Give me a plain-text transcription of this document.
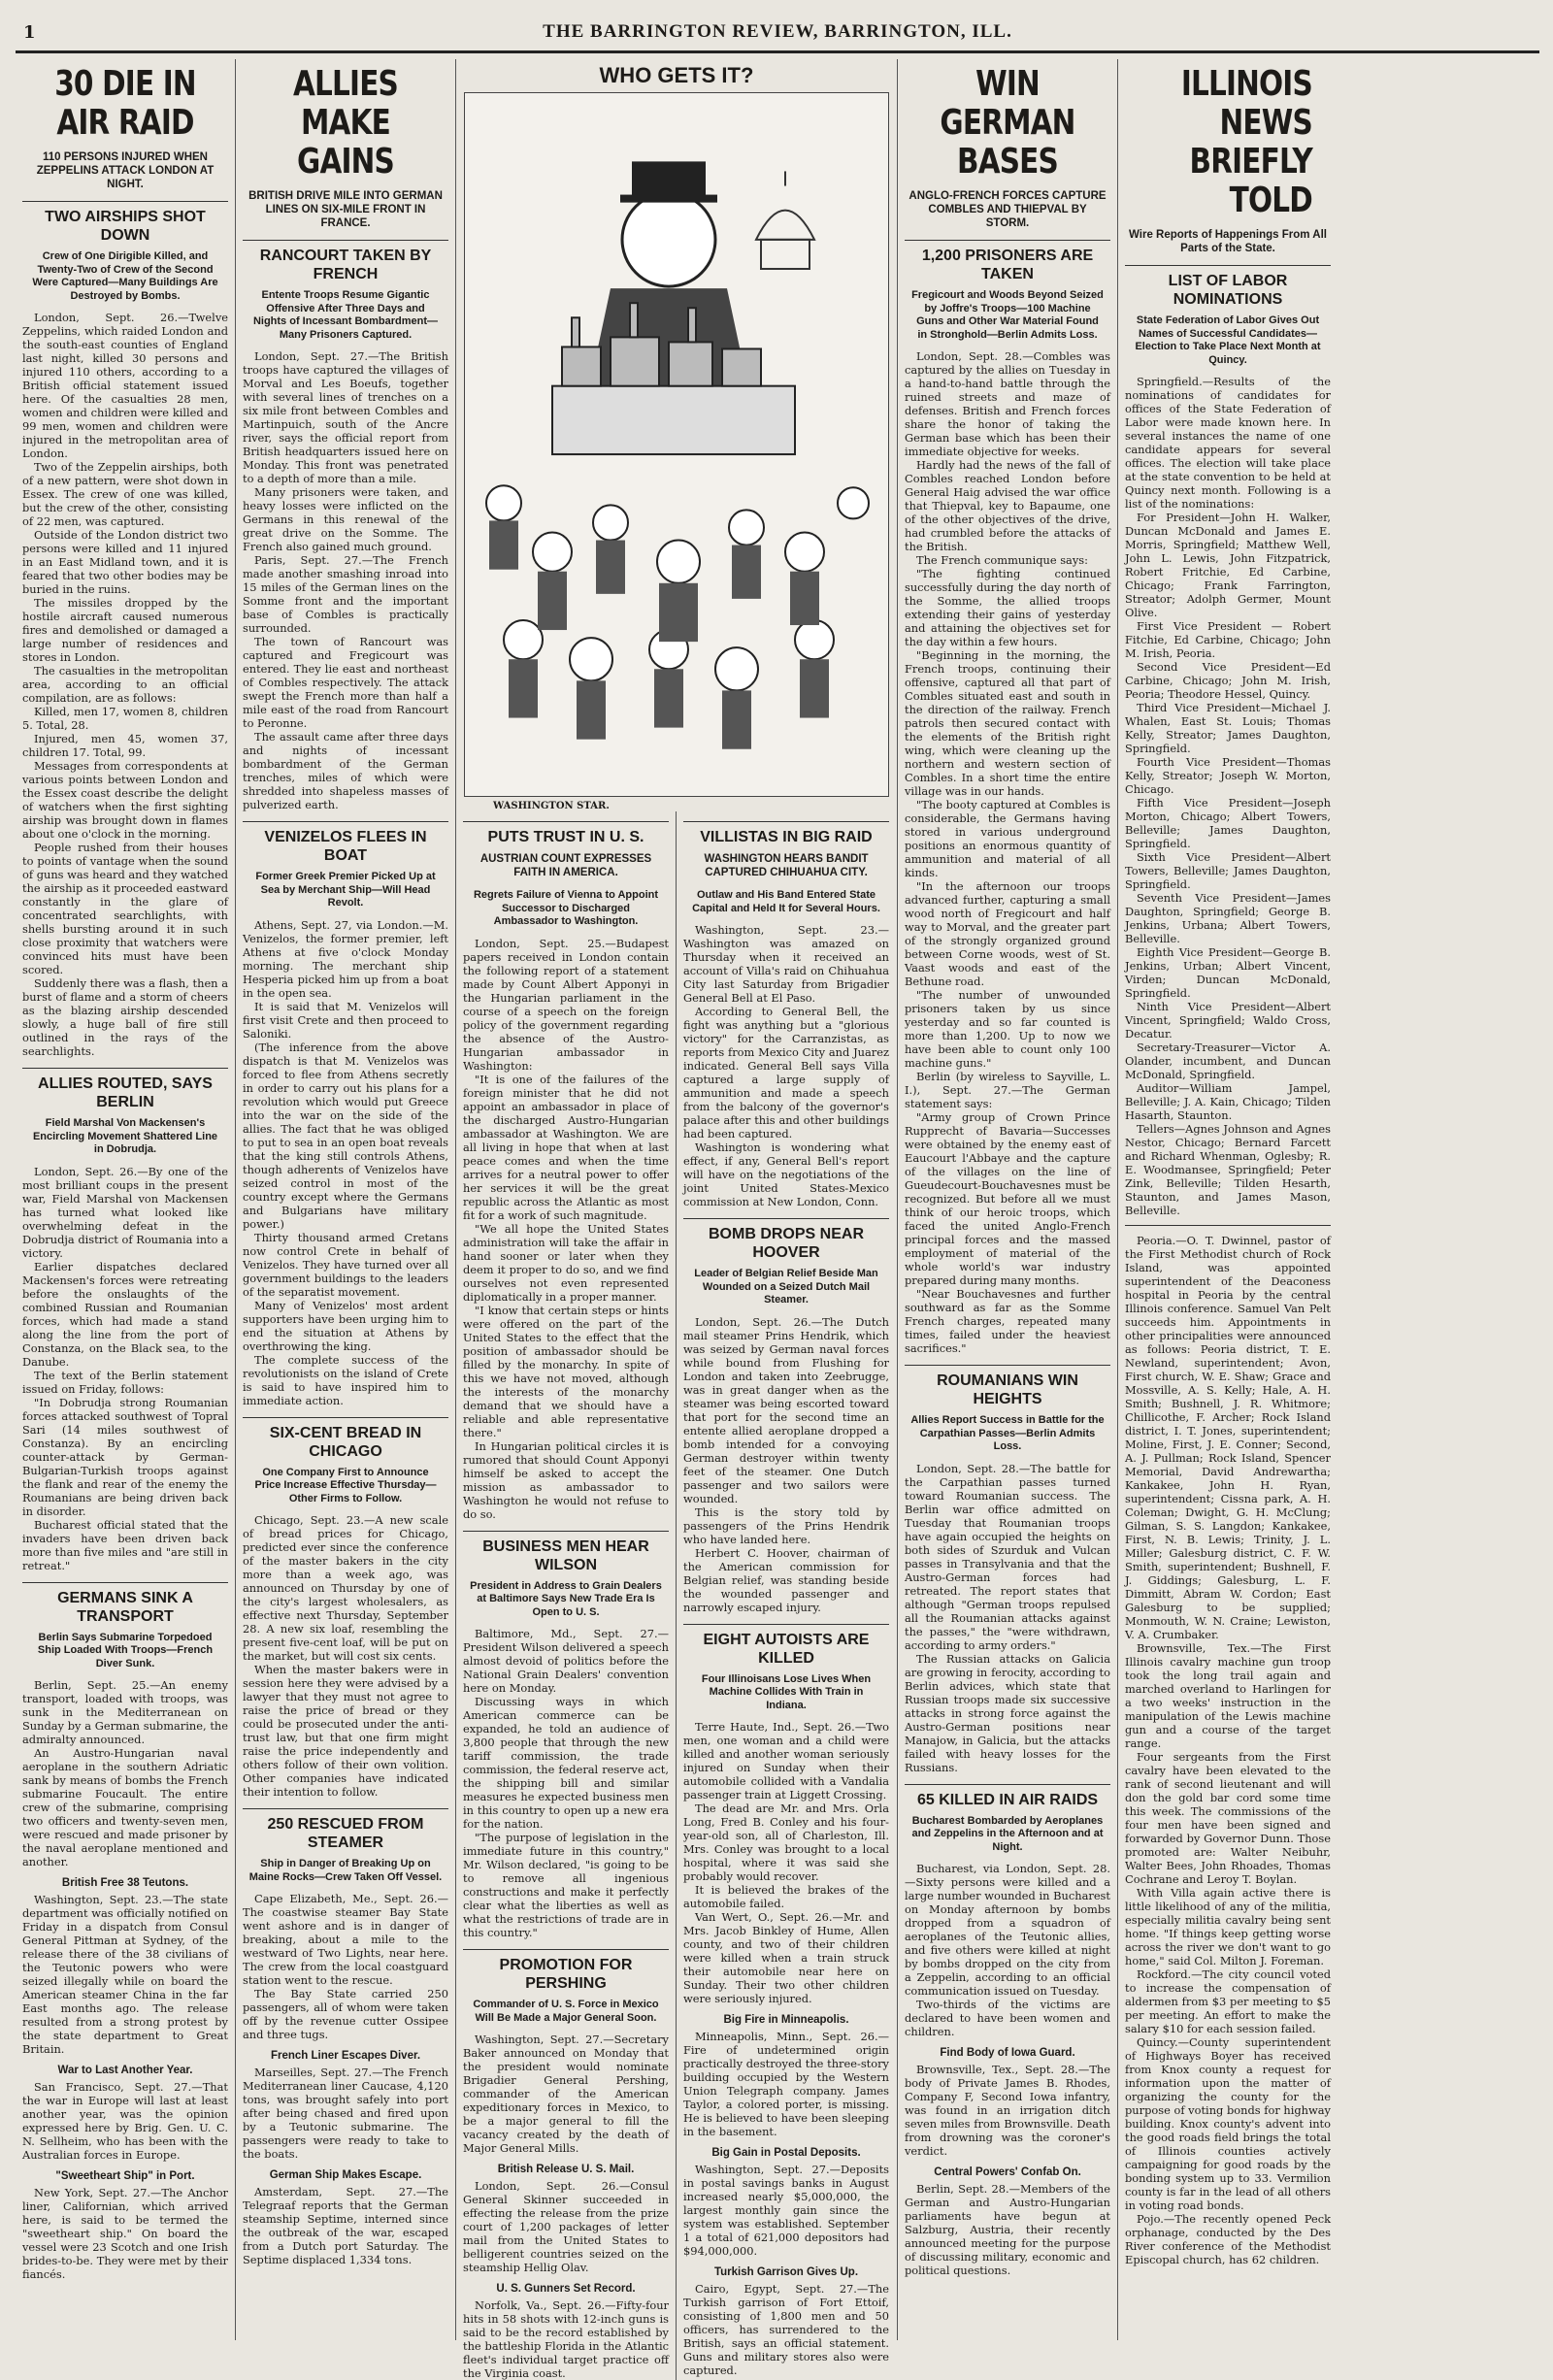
1	THE BARRINGTON REVIEW, BARRINGTON, ILL.
30 DIE IN AIR RAID
110 PERSONS INJURED WHEN ZEPPELINS ATTACK LONDON AT NIGHT.
TWO AIRSHIPS SHOT DOWN
Crew of One Dirigible Killed, and Twenty-Two of Crew of the Second Were Captured—Many Buildings Are Destroyed by Bombs.

London, Sept. 26.—Twelve Zeppelins, which raided London and the south-east counties of England last night, killed 30 persons and injured 110 others, according to a British official statement issued here. Of the casualties 28 men, women and children were killed and 99 men, women and children were injured in the metropolitan area of London.

Two of the Zeppelin airships, both of a new pattern, were shot down in Essex. The crew of one was killed, but the crew of the other, consisting of 22 men, was captured.

Outside of the London district two persons were killed and 11 injured in an East Midland town, and it is feared that two other bodies may be buried in the ruins.

The missiles dropped by the hostile aircraft caused numerous fires and demolished or damaged a large number of residences and stores in London.

The casualties in the metropolitan area, according to an official compilation, are as follows:

Killed, men 17, women 8, children 5. Total, 28.

Injured, men 45, women 37, children 17. Total, 99.

Messages from correspondents at various points between London and the Essex coast describe the delight of watchers when the first sighting airship was brought down in flames about one o'clock in the morning.

People rushed from their houses to points of vantage when the sound of guns was heard and they watched the airship as it proceeded eastward constantly in the glare of concentrated searchlights, with shells bursting around it in such close proximity that watchers were convinced hits must have been scored.

Suddenly there was a flash, then a burst of flame and a storm of cheers as the blazing airship descended slowly, a huge ball of fire still outlined in the rays of the searchlights.

ALLIES ROUTED, SAYS BERLIN
Field Marshal Von Mackensen's Encircling Movement Shattered Line in Dobrudja.

London, Sept. 26.—By one of the most brilliant coups in the present war, Field Marshal von Mackensen has turned what looked like overwhelming defeat in the Dobrudja district of Roumania into a victory.

Earlier dispatches declared Mackensen's forces were retreating before the onslaughts of the combined Russian and Roumanian forces, which had made a stand along the line from the port of Constanza, on the Black sea, to the Danube.

The text of the Berlin statement issued on Friday, follows:

"In Dobrudja strong Roumanian forces attacked southwest of Topral Sari (14 miles southwest of Constanza). By an encircling counter-attack by German-Bulgarian-Turkish troops against the flank and rear of the enemy the Roumanians are being driven back in disorder.

Bucharest official stated that the invaders have been driven back more than five miles and "are still in retreat."

GERMANS SINK A TRANSPORT
Berlin Says Submarine Torpedoed Ship Loaded With Troops—French Diver Sunk.

Berlin, Sept. 25.—An enemy transport, loaded with troops, was sunk in the Mediterranean on Sunday by a German submarine, the admiralty announced.

An Austro-Hungarian naval aeroplane in the southern Adriatic sank by means of bombs the French submarine Foucault. The entire crew of the submarine, comprising two officers and twenty-seven men, were rescued and made prisoner by the naval aeroplane mentioned and another.

British Free 38 Teutons.

Washington, Sept. 23.—The state department was officially notified on Friday in a dispatch from Consul General Pittman at Sydney, of the release there of the 38 civilians of the Teutonic powers who were seized illegally while on board the American steamer China in the far East months ago. The release resulted from a strong protest by the state department to Great Britain.

War to Last Another Year.

San Francisco, Sept. 27.—That the war in Europe will last at least another year, was the opinion expressed here by Brig. Gen. U. C. N. Sellheim, who has been with the Australian forces in Europe.

"Sweetheart Ship" in Port.

New York, Sept. 27.—The Anchor liner, Californian, which arrived here, is said to be termed the "sweetheart ship." On board the vessel were 23 Scotch and one Irish brides-to-be. They were met by their fiancés.

ALLIES MAKE GAINS
BRITISH DRIVE MILE INTO GERMAN LINES ON SIX-MILE FRONT IN FRANCE.
RANCOURT TAKEN BY FRENCH
Entente Troops Resume Gigantic Offensive After Three Days and Nights of Incessant Bombardment—Many Prisoners Captured.

London, Sept. 27.—The British troops have captured the villages of Morval and Les Boeufs, together with several lines of trenches on a six mile front between Combles and Martinpuich, south of the Ancre river, says the official report from British headquarters issued here on Monday. This front was penetrated to a depth of more than a mile.

Many prisoners were taken, and heavy losses were inflicted on the Germans in this renewal of the great drive on the Somme. The French also gained much ground.

Paris, Sept. 27.—The French made another smashing inroad into 15 miles of the German lines on the Somme front and the important base of Combles is practically surrounded.

The town of Rancourt was captured and Fregicourt was entered. They lie east and northeast of Combles respectively. The attack swept the French more than half a mile east of the road from Rancourt to Peronne.

The assault came after three days and nights of incessant bombardment of the German trenches, miles of which were shredded into shapeless masses of pulverized earth.

VENIZELOS FLEES IN BOAT
Former Greek Premier Picked Up at Sea by Merchant Ship—Will Head Revolt.

Athens, Sept. 27, via London.—M. Venizelos, the former premier, left Athens at five o'clock Monday morning. The merchant ship Hesperia picked him up from a boat in the open sea.

It is said that M. Venizelos will first visit Crete and then proceed to Saloniki.

(The inference from the above dispatch is that M. Venizelos was forced to flee from Athens secretly in order to carry out his plans for a revolution which would put Greece into the war on the side of the allies. The fact that he was obliged to put to sea in an open boat reveals that the king still controls Athens, though adherents of Venizelos have seized control in most of the country except where the Germans and Bulgarians have military power.)

Thirty thousand armed Cretans now control Crete in behalf of Venizelos. They have turned over all government buildings to the leaders of the separatist movement.

Many of Venizelos' most ardent supporters have been urging him to end the situation at Athens by overthrowing the king.

The complete success of the revolutionists on the island of Crete is said to have inspired him to immediate action.

SIX-CENT BREAD IN CHICAGO
One Company First to Announce Price Increase Effective Thursday—Other Firms to Follow.

Chicago, Sept. 23.—A new scale of bread prices for Chicago, predicted ever since the conference of the master bakers in the city more than a week ago, was announced on Thursday by one of the city's largest wholesalers, as effective next Thursday, September 28. A new six loaf, resembling the present five-cent loaf, will be put on the market, but will cost six cents.

When the master bakers were in session here they were advised by a lawyer that they must not agree to raise the price of bread or they could be prosecuted under the anti-trust law, but that one firm might raise the price independently and others follow of their own volition. Other companies have indicated their intention to follow.

250 RESCUED FROM STEAMER
Ship in Danger of Breaking Up on Maine Rocks—Crew Taken Off Vessel.

Cape Elizabeth, Me., Sept. 26.—The coastwise steamer Bay State went ashore and is in danger of breaking, about a mile to the westward of Two Lights, near here. The crew from the local coastguard station went to the rescue.

The Bay State carried 250 passengers, all of whom were taken off by the revenue cutter Ossipee and three tugs.

French Liner Escapes Diver.

Marseilles, Sept. 27.—The French Mediterranean liner Caucase, 4,120 tons, was brought safely into port after being chased and fired upon by a Teutonic submarine. The passengers were ready to take to the boats.

German Ship Makes Escape.

Amsterdam, Sept. 27.—The Telegraaf reports that the German steamship Septime, interned since the outbreak of the war, escaped from a Dutch port Saturday. The Septime displaced 1,334 tons.

WHO GETS IT?
WASHINGTON STAR.
PUTS TRUST IN U. S.
AUSTRIAN COUNT EXPRESSES FAITH IN AMERICA.
Regrets Failure of Vienna to Appoint Successor to Discharged Ambassador to Washington.

London, Sept. 25.—Budapest papers received in London contain the following report of a statement made by Count Albert Apponyi in the Hungarian parliament in the course of a speech on the foreign policy of the government regarding the absence of the Austro-Hungarian ambassador in Washington:

"It is one of the failures of the foreign minister that he did not appoint an ambassador in place of the discharged Austro-Hungarian ambassador at Washington. We are all living in hope that when at last peace comes and when the time arrives for a neutral power to offer her services it will be the great republic across the Atlantic as most fit for a work of such magnitude.

"We all hope the United States administration will take the affair in hand sooner or later when they deem it proper to do so, and we find ourselves not even represented diplomatically in a proper manner.

"I know that certain steps or hints were offered on the part of the United States to the effect that the position of ambassador should be filled by the monarchy. In spite of this we have not moved, although the interests of the monarchy demand that we should have a reliable and able representative there."

In Hungarian political circles it is rumored that should Count Apponyi himself be asked to accept the mission as ambassador to Washington he would not refuse to do so.

BUSINESS MEN HEAR WILSON
President in Address to Grain Dealers at Baltimore Says New Trade Era Is Open to U. S.

Baltimore, Md., Sept. 27.—President Wilson delivered a speech almost devoid of politics before the National Grain Dealers' convention here on Monday.

Discussing ways in which American commerce can be expanded, he told an audience of 3,800 people that through the new tariff commission, the trade commission, the federal reserve act, the shipping bill and similar measures he expected business men in this country to open up a new era for the nation.

"The purpose of legislation in the immediate future in this country," Mr. Wilson declared, "is going to be to remove all ingenious constructions and make it perfectly clear what the liberties as well as what the restrictions of trade are in this country."

PROMOTION FOR PERSHING
Commander of U. S. Force in Mexico Will Be Made a Major General Soon.

Washington, Sept. 27.—Secretary Baker announced on Monday that the president would nominate Brigadier General Pershing, commander of the American expeditionary forces in Mexico, to be a major general to fill the vacancy created by the death of Major General Mills.

British Release U. S. Mail.

London, Sept. 26.—Consul General Skinner succeeded in effecting the release from the prize court of 1,200 packages of letter mail from the United States to belligerent countries seized on the steamship Hellig Olav.

U. S. Gunners Set Record.

Norfolk, Va., Sept. 26.—Fifty-four hits in 58 shots with 12-inch guns is said to be the record established by the battleship Florida in the Atlantic fleet's individual target practice off the Virginia coast.

VILLISTAS IN BIG RAID
WASHINGTON HEARS BANDIT CAPTURED CHIHUAHUA CITY.
Outlaw and His Band Entered State Capital and Held It for Several Hours.

Washington, Sept. 23.—Washington was amazed on Thursday when it received an account of Villa's raid on Chihuahua City last Saturday from Brigadier General Bell at El Paso.

According to General Bell, the fight was anything but a "glorious victory" for the Carranzistas, as reports from Mexico City and Juarez indicated. General Bell says Villa captured a large supply of ammunition and made a speech from the balcony of the governor's palace after this and other buildings had been captured.

Washington is wondering what effect, if any, General Bell's report will have on the negotiations of the joint United States-Mexico commission at New London, Conn.

BOMB DROPS NEAR HOOVER
Leader of Belgian Relief Beside Man Wounded on a Seized Dutch Mail Steamer.

London, Sept. 26.—The Dutch mail steamer Prins Hendrik, which was seized by German naval forces while bound from Flushing for London and taken into Zeebrugge, was in great danger when as the steamer was being escorted toward that port for the second time an entente allied aeroplane dropped a bomb intended for a convoying German destroyer within twenty feet of the steamer. One Dutch passenger and two sailors were wounded.

This is the story told by passengers of the Prins Hendrik who have landed here.

Herbert C. Hoover, chairman of the American commission for Belgian relief, was standing beside the wounded passenger and narrowly escaped injury.

EIGHT AUTOISTS ARE KILLED
Four Illinoisans Lose Lives When Machine Collides With Train in Indiana.

Terre Haute, Ind., Sept. 26.—Two men, one woman and a child were killed and another woman seriously injured on Sunday when their automobile collided with a Vandalia passenger train at Liggett Crossing.

The dead are Mr. and Mrs. Orla Long, Fred B. Conley and his four-year-old son, all of Charleston, Ill. Mrs. Conley was brought to a local hospital, where it was said she probably would recover.

It is believed the brakes of the automobile failed.

Van Wert, O., Sept. 26.—Mr. and Mrs. Jacob Binkley of Hume, Allen county, and two of their children were killed when a train struck their automobile near here on Sunday. Their two other children were seriously injured.

Big Fire in Minneapolis.

Minneapolis, Minn., Sept. 26.—Fire of undetermined origin practically destroyed the three-story building occupied by the Western Union Telegraph company. James Taylor, a colored porter, is missing. He is believed to have been sleeping in the basement.

Big Gain in Postal Deposits.

Washington, Sept. 27.—Deposits in postal savings banks in August increased nearly $5,000,000, the largest monthly gain since the system was established. September 1 a total of 621,000 depositors had $94,000,000.

Turkish Garrison Gives Up.

Cairo, Egypt, Sept. 27.—The Turkish garrison of Fort Ettoif, consisting of 1,800 men and 50 officers, has surrendered to the British, says an official statement. Guns and military stores also were captured.

WIN GERMAN BASES
ANGLO-FRENCH FORCES CAPTURE COMBLES AND THIEPVAL BY STORM.
1,200 PRISONERS ARE TAKEN
Fregicourt and Woods Beyond Seized by Joffre's Troops—100 Machine Guns and Other War Material Found in Stronghold—Berlin Admits Loss.

London, Sept. 28.—Combles was captured by the allies on Tuesday in a hand-to-hand battle through the ruined streets and maze of defenses. British and French forces share the honor of taking the German base which has been their immediate objective for weeks.

Hardly had the news of the fall of Combles reached London before General Haig advised the war office that Thiepval, key to Bapaume, one of the other objectives of the drive, had crumbled before the attacks of the British.

The French communique says:

"The fighting continued successfully during the day north of the Somme, the allied troops extending their gains of yesterday and attaining the objectives set for the day within a few hours.

"Beginning in the morning, the French troops, continuing their offensive, captured all that part of Combles situated east and south in the direction of the railway. French patrols then secured contact with the elements of the British right wing, which were cleaning up the northern and western section of Combles. In a short time the entire village was in our hands.

"The booty captured at Combles is considerable, the Germans having stored in various underground positions an enormous quantity of ammunition and material of all kinds.

"In the afternoon our troops advanced further, capturing a small wood north of Fregicourt and half way to Morval, and the greater part of the strongly organized ground between Corne woods, west of St. Vaast woods and east of the Bethune road.

"The number of unwounded prisoners taken by us since yesterday and so far counted is more than 1,200. Up to now we have been able to count only 100 machine guns."

Berlin (by wireless to Sayville, L. I.), Sept. 27.—The German statement says:

"Army group of Crown Prince Rupprecht of Bavaria—Successes were obtained by the enemy east of Eaucourt l'Abbaye and the capture of the villages on the line of Gueudecourt-Bouchavesnes must be recognized. But before all we must think of our heroic troops, which faced the united Anglo-French principal forces and the massed employment of material of the whole world's war industry prepared during many months.

"Near Bouchavesnes and further southward as far as the Somme French charges, repeated many times, failed under the heaviest sacrifices."

ROUMANIANS WIN HEIGHTS
Allies Report Success in Battle for the Carpathian Passes—Berlin Admits Loss.

London, Sept. 28.—The battle for the Carpathian passes turned toward Roumanian success. The Berlin war office admitted on Tuesday that Roumanian troops have again occupied the heights on both sides of Szurduk and Vulcan passes in Transylvania and that the Austro-German forces had retreated. The report states that although "German troops repulsed all the Roumanian attacks against the passes," the "were withdrawn, according to army orders."

The Russian attacks on Galicia are growing in ferocity, according to Berlin advices, which state that Russian troops made six successive attacks in strong force against the Austro-German positions near Manajow, in Galicia, but the attacks failed with heavy losses for the Russians.

65 KILLED IN AIR RAIDS
Bucharest Bombarded by Aeroplanes and Zeppelins in the Afternoon and at Night.

Bucharest, via London, Sept. 28.—Sixty persons were killed and a large number wounded in Bucharest on Monday afternoon by bombs dropped from a squadron of aeroplanes of the Teutonic allies, and five others were killed at night by bombs dropped on the city from a Zeppelin, according to an official communication issued on Tuesday.

Two-thirds of the victims are declared to have been women and children.

Find Body of Iowa Guard.

Brownsville, Tex., Sept. 28.—The body of Private James B. Rhodes, Company F, Second Iowa infantry, was found in an irrigation ditch seven miles from Brownsville. Death from drowning was the coroner's verdict.

Central Powers' Confab On.

Berlin, Sept. 28.—Members of the German and Austro-Hungarian parliaments have begun at Salzburg, Austria, their recently announced meeting for the purpose of discussing military, economic and political questions.

ILLINOIS NEWS BRIEFLY TOLD
Wire Reports of Happenings From All Parts of the State.
LIST OF LABOR NOMINATIONS
State Federation of Labor Gives Out Names of Successful Candidates—Election to Take Place Next Month at Quincy.

Springfield.—Results of the nominations of candidates for offices of the State Federation of Labor were made known here. In several instances the name of one candidate appears for several offices. The election will take place at the state convention to be held at Quincy next month. Following is a list of the nominations:

For President—John H. Walker, Duncan McDonald and James E. Morris, Springfield; Matthew Well, John L. Lewis, John Fitzpatrick, Robert Fritchie, Ed Carbine, Chicago; Frank Farrington, Streator; Adolph Germer, Mount Olive.

First Vice President — Robert Fitchie, Ed Carbine, Chicago; John M. Irish, Peoria.

Second Vice President—Ed Carbine, Chicago; John M. Irish, Peoria; Theodore Hessel, Quincy.

Third Vice President—Michael J. Whalen, East St. Louis; Thomas Kelly, Streator; James Daughton, Springfield.

Fourth Vice President—Thomas Kelly, Streator; Joseph W. Morton, Chicago.

Fifth Vice President—Joseph Morton, Chicago; Albert Towers, Belleville; James Daughton, Springfield.

Sixth Vice President—Albert Towers, Belleville; James Daughton, Springfield.

Seventh Vice President—James Daughton, Springfield; George B. Jenkins, Urbana; Albert Towers, Belleville.

Eighth Vice President—George B. Jenkins, Urban; Albert Vincent, Virden; Duncan McDonald, Springfield.

Ninth Vice President—Albert Vincent, Springfield; Waldo Cross, Decatur.

Secretary-Treasurer—Victor A. Olander, incumbent, and Duncan McDonald, Springfield.

Auditor—William Jampel, Belleville; J. A. Kain, Chicago; Tilden Hasarth, Staunton.

Tellers—Agnes Johnson and Agnes Nestor, Chicago; Bernard Farcett and Richard Whenman, Oglesby; R. E. Woodmansee, Springfield; Peter Zink, Belleville; Tilden Hesarth, Staunton, and James Mason, Belleville.

Peoria.—O. T. Dwinnel, pastor of the First Methodist church of Rock Island, was appointed superintendent of the Deaconess hospital in Peoria by the central Illinois conference. Samuel Van Pelt succeeds him. Appointments in other principalities were announced as follows: Peoria district, T. E. Newland, superintendent; Avon, First church, W. E. Shaw; Grace and Mossville, A. S. Kelly; Hale, A. H. Smith; Bushnell, J. R. Whitmore; Chillicothe, F. Archer; Rock Island district, I. T. Jones, superintendent; Moline, First, J. E. Conner; Second, A. J. Pullman; Rock Island, Spencer Memorial, David Andrewartha; Kankakee, John H. Ryan, superintendent; Cissna park, A. H. Coleman; Dwight, G. H. McClung; Gilman, S. S. Langdon; Kankakee, First, N. B. Lewis; Trinity, J. L. Miller; Galesburg district, C. F. W. Smith, superintendent; Bushnell, F. J. Giddings; Galesburg, L. F. Dimmitt, Abram W. Cordon; East Galesburg to be supplied; Monmouth, W. N. Craine; Lewiston, V. A. Crumbaker.

Brownsville, Tex.—The First Illinois cavalry machine gun troop took the long trail again and marched overland to Harlingen for a two weeks' instruction in the manipulation of the Lewis machine gun and a course of the target range.

Four sergeants from the First cavalry have been elevated to the rank of second lieutenant and will don the gold bar cord some time this week. The commissions of the four men have been signed and forwarded by Governor Dunn. Those promoted are: Walter Neibuhr, Walter Bees, John Rhoades, Thomas Cochrane and Leroy T. Boylan.

With Villa again active there is little likelihood of any of the militia, especially militia cavalry being sent home. "If things keep getting worse across the river we don't want to go home," said Col. Milton J. Foreman.

Rockford.—The city council voted to increase the compensation of aldermen from $3 per meeting to $5 per meeting. An effort to make the salary $10 for each session failed.

Quincy.—County superintendent of Highways Boyer has received from Knox county a request for information upon the matter of organizing the county for the purpose of voting bonds for highway building. Knox county's advent into the good roads field brings the total of Illinois counties actively campaigning for good roads by the bonding system up to 33. Vermilion county is far in the lead of all others in voting road bonds.

Pojo.—The recently opened Peck orphanage, conducted by the Des River conference of the Methodist Episcopal church, has 62 children.
